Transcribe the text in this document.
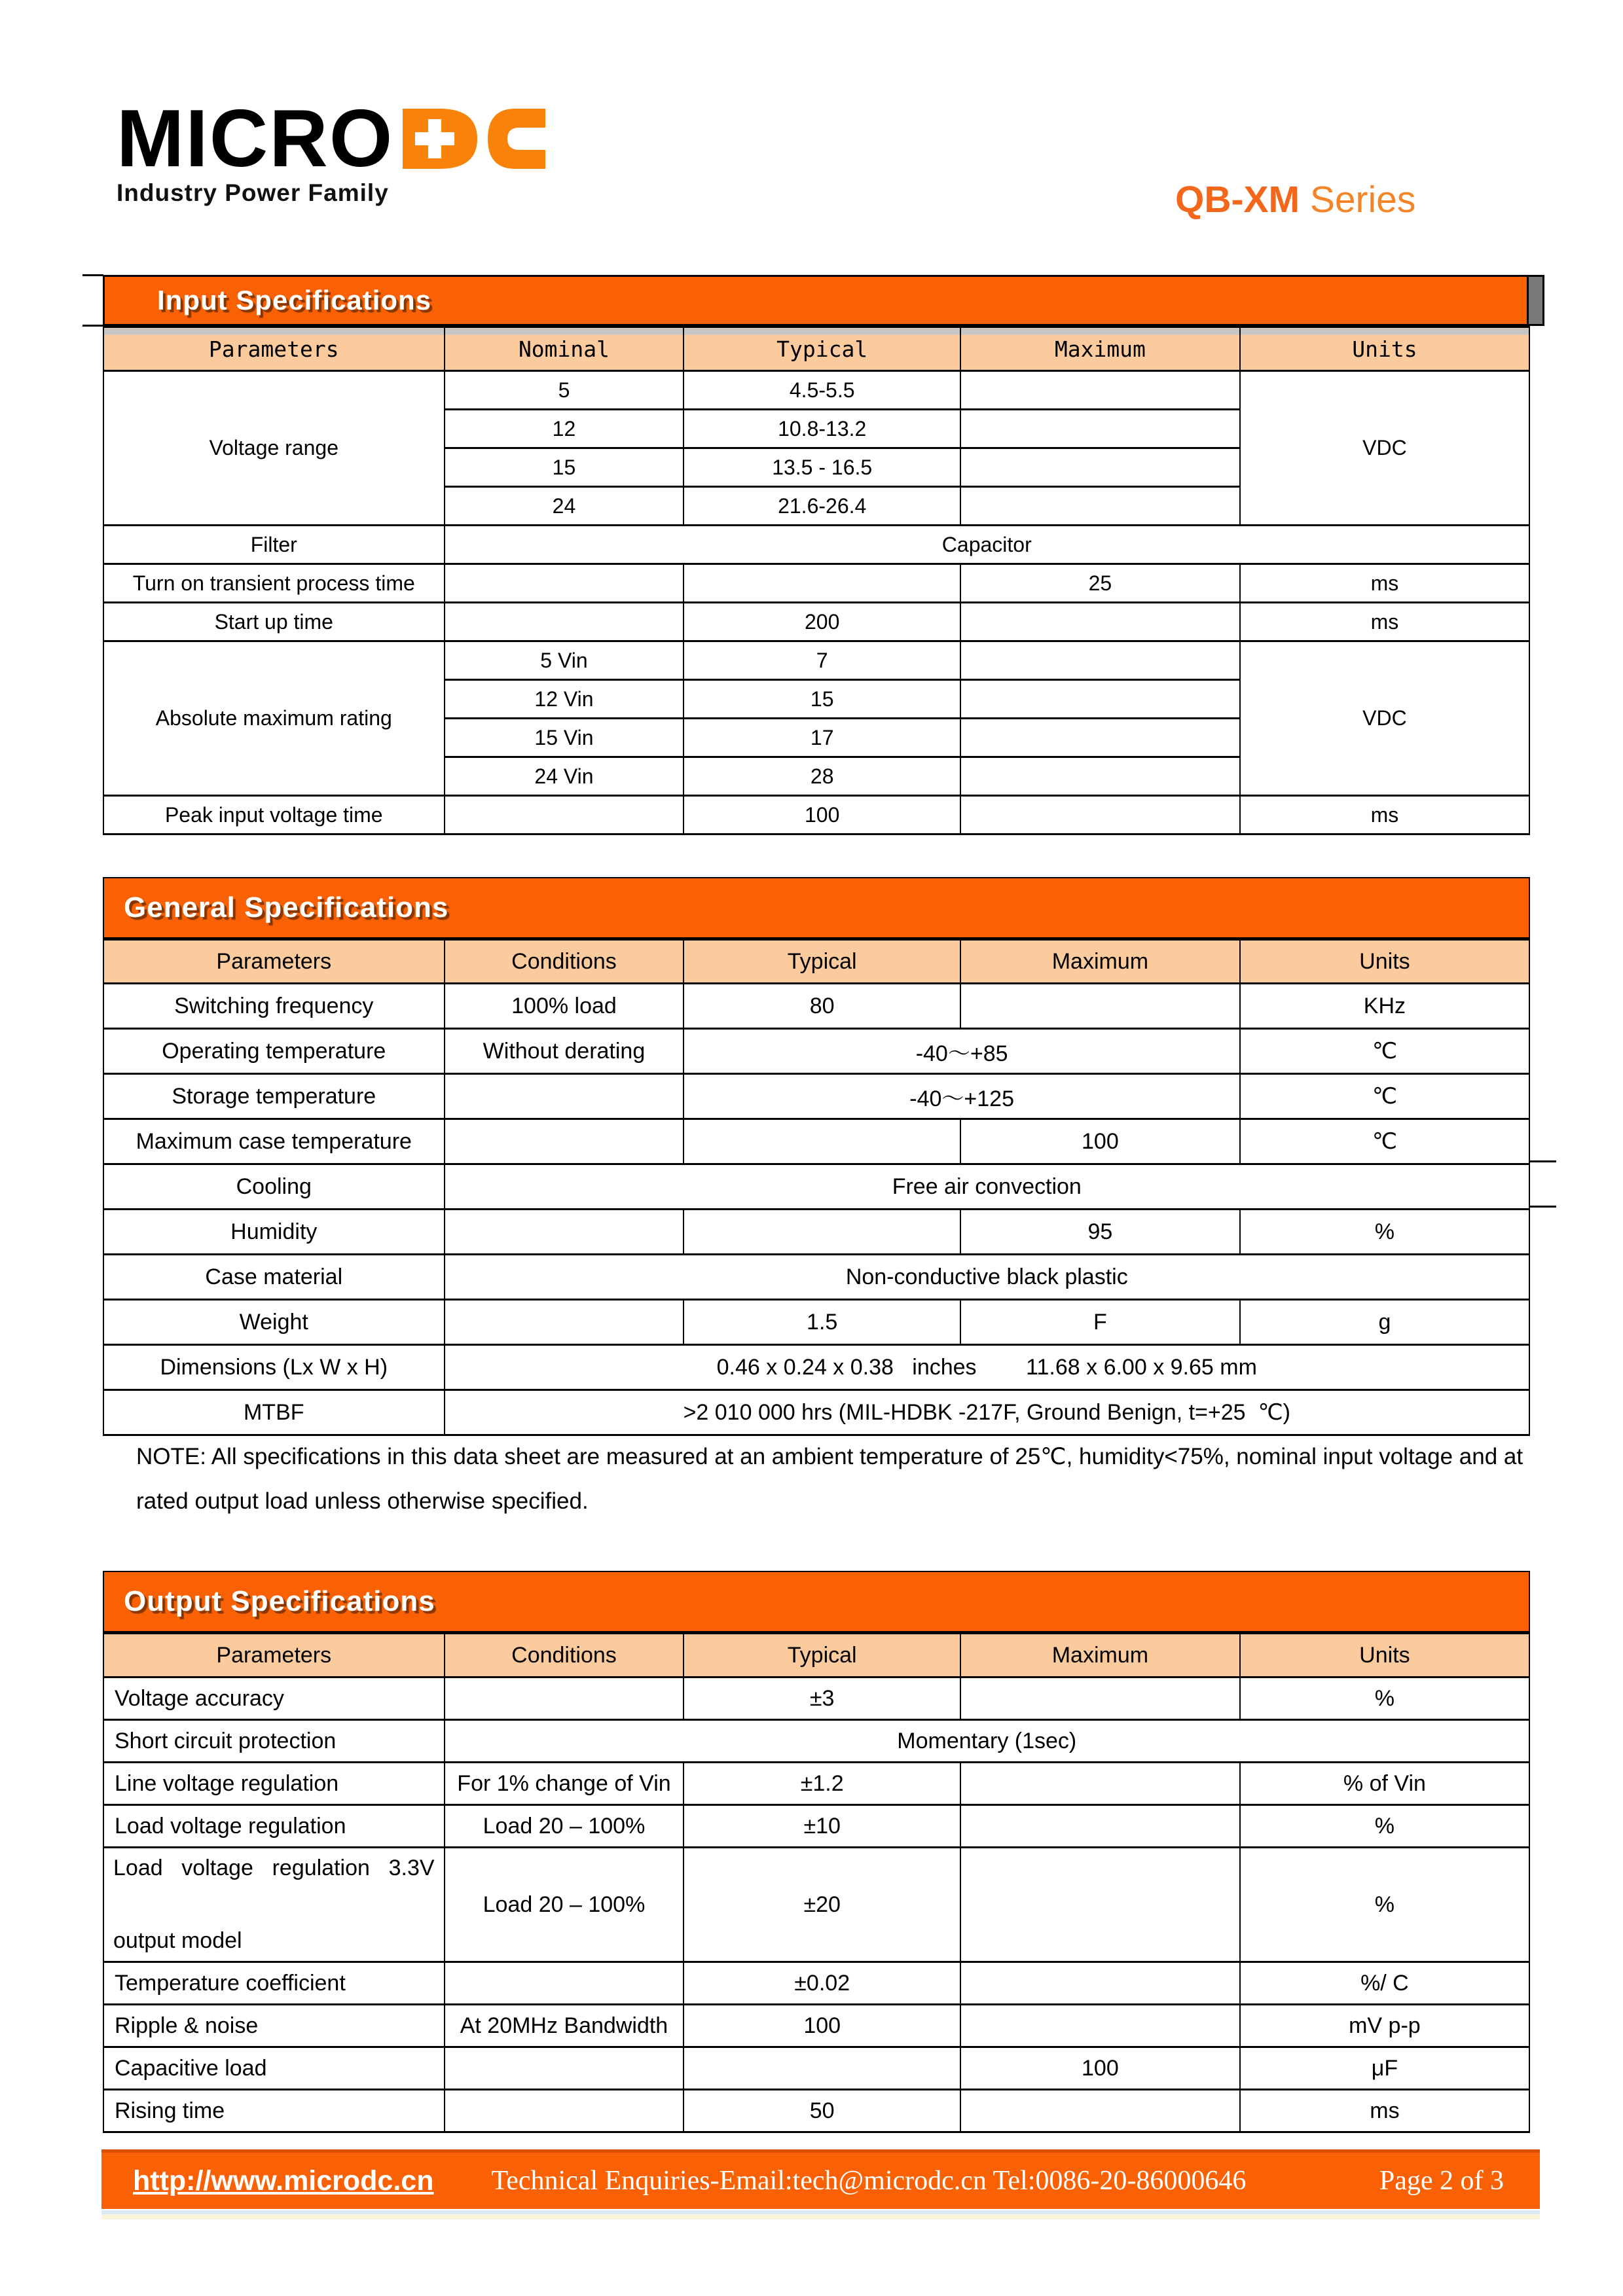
MICRO
Industry Power Family	QB-XM Series
Input Specifications
Parameters	Nominal	Typical	Maximum	Units
Voltage range	5	4.5-5.5		VDC
	12	10.8-13.2		
	15	13.5 - 16.5		
	24	21.6-26.4		
Filter	Capacitor			
Turn on transient process time			25	ms
Start up time		200		ms
Absolute maximum rating	5 Vin	7		VDC
	12 Vin	15		
	15 Vin	17		
	24 Vin	28		
Peak input voltage time		100		ms
General Specifications
Parameters	Conditions	Typical	Maximum	Units
Switching frequency	100% load	80		KHz
Operating temperature	Without derating	-40～+85		℃
Storage temperature		-40～+125		℃
Maximum case temperature			100	℃
Cooling	Free air convection			
Humidity			95	%
Case material	Non-conductive black plastic			
Weight		1.5	F	g
Dimensions (Lx W x H)	0.46 x 0.24 x 0.38   inches        11.68 x 6.00 x 9.65 mm			
MTBF	>2 010 000 hrs (MIL-HDBK -217F, Ground Benign, t=+25  ℃)			
NOTE: All specifications in this data sheet are measured at an ambient temperature of 25℃, humidity<75%, nominal input voltage and at
rated output load unless otherwise specified.
Output Specifications
Parameters	Conditions	Typical	Maximum	Units
Voltage accuracy		±3		%
Short circuit protection	Momentary (1sec)			
Line voltage regulation	For 1% change of Vin	±1.2		% of Vin
Load voltage regulation	Load 20 – 100%	±10		%

Load voltage regulation 3.3V
output model	Load 20 – 100%	±20		%
Temperature coefficient		±0.02		%/ C
Ripple & noise	At 20MHz Bandwidth	100		mV p-p
Capacitive load			100	μF
Rising time		50		ms
http://www.microdc.cn Technical Enquiries-Email:tech@microdc.cn Tel:0086-20-86000646	Page 2 of 3
